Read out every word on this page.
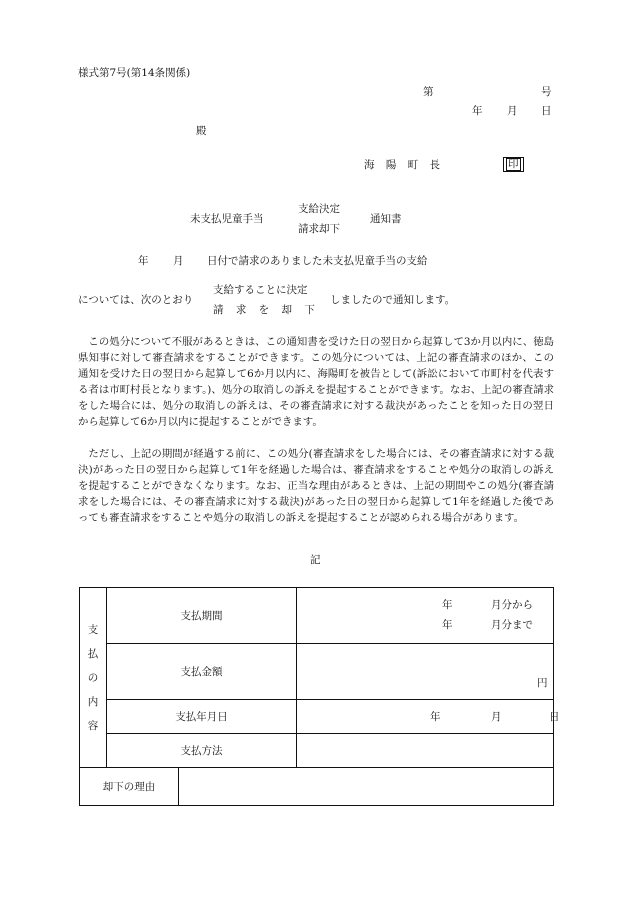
様式第7号(第14条関係)
第	号
年 月 日
殿
海 陽 町 長	印
未支払児童手当
支給決定
請求却下
通知書
年 月 日付で請求のありました未支払児童手当の支給
については、次のとおり
支給することに決定
請 求 を 却 下
しましたので通知します。
この処分について不服があるときは、この通知書を受けた日の翌日から起算して3か月以内に、徳島県知事に対して審査請求をすることができます。この処分については、上記の審査請求のほか、この通知を受けた日の翌日から起算して6か月以内に、海陽町を被告として(訴訟において市町村を代表する者は市町村長となります。)、処分の取消しの訴えを提起することができます。なお、上記の審査請求をした場合には、処分の取消しの訴えは、その審査請求に対する裁決があったことを知った日の翌日から起算して6か月以内に提起することができます。
ただし、上記の期間が経過する前に、この処分(審査請求をした場合には、その審査請求に対する裁決)があった日の翌日から起算して1年を経過した場合は、審査請求をすることや処分の取消しの訴えを提起することができなくなります。なお、正当な理由があるときは、上記の期間やこの処分(審査請求をした場合には、その審査請求に対する裁決)があった日の翌日から起算して1年を経過した後であっても審査請求をすることや処分の取消しの訴えを提起することが認められる場合があります。
記
支
払
の
内
容	支払期間		年 月分から
年 月分まで

	支払金額		円

	支払年月日		年 月 日

	支払方法		
却下の理由			
